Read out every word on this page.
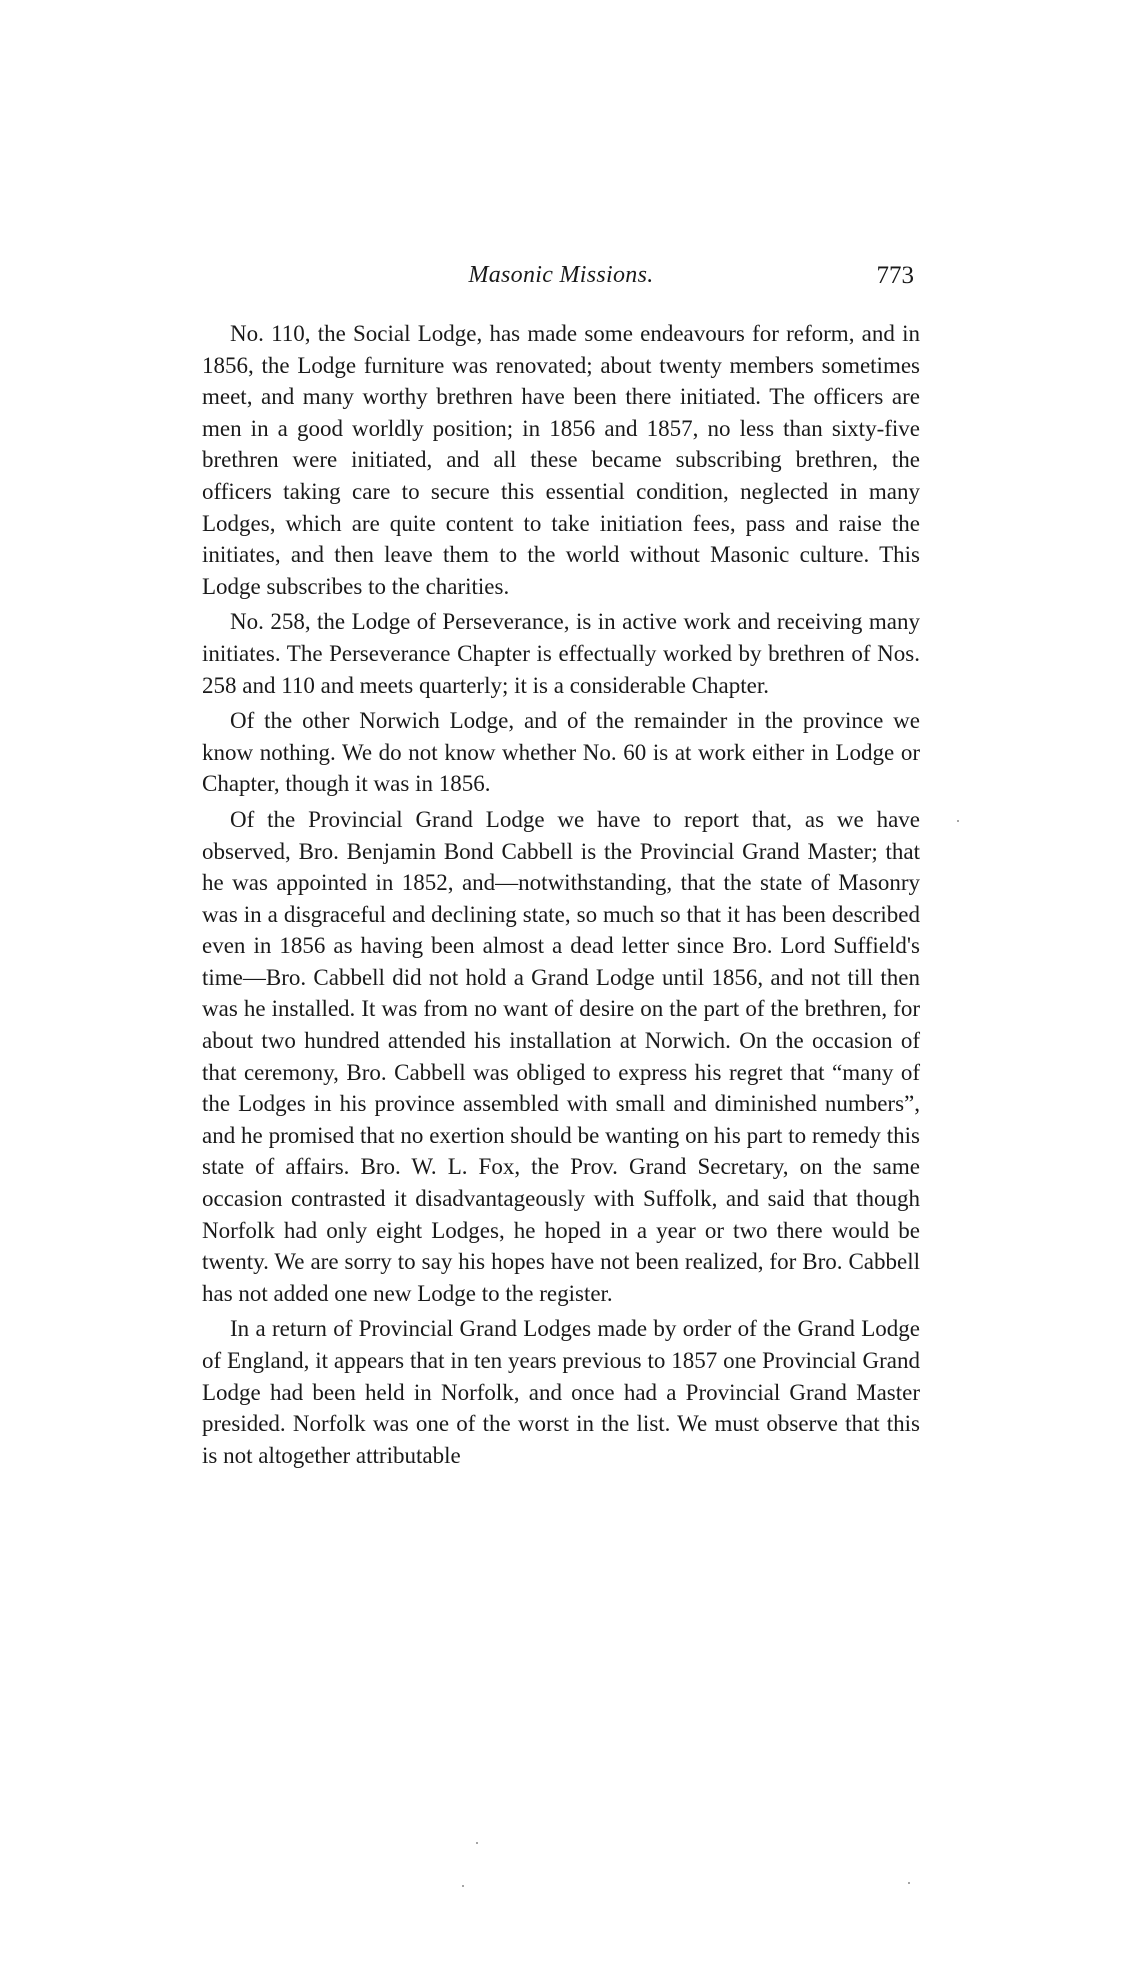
Masonic Missions.	773

No. 110, the Social Lodge, has made some endeavours for reform, and in 1856, the Lodge furniture was renovated; about twenty members sometimes meet, and many worthy brethren have been there initiated. The officers are men in a good worldly position; in 1856 and 1857, no less than sixty-five brethren were initiated, and all these became subscribing brethren, the officers taking care to secure this essential condition, neglected in many Lodges, which are quite content to take initiation fees, pass and raise the initiates, and then leave them to the world without Masonic culture. This Lodge subscribes to the charities.

No. 258, the Lodge of Perseverance, is in active work and receiving many initiates. The Perseverance Chapter is effectually worked by brethren of Nos. 258 and 110 and meets quarterly; it is a considerable Chapter.

Of the other Norwich Lodge, and of the remainder in the province we know nothing. We do not know whether No. 60 is at work either in Lodge or Chapter, though it was in 1856.

Of the Provincial Grand Lodge we have to report that, as we have observed, Bro. Benjamin Bond Cabbell is the Provincial Grand Master; that he was appointed in 1852, and—notwithstanding, that the state of Masonry was in a disgraceful and declining state, so much so that it has been described even in 1856 as having been almost a dead letter since Bro. Lord Suffield's time—Bro. Cabbell did not hold a Grand Lodge until 1856, and not till then was he installed. It was from no want of desire on the part of the brethren, for about two hundred attended his installation at Norwich. On the occasion of that ceremony, Bro. Cabbell was obliged to express his regret that “many of the Lodges in his province assembled with small and diminished numbers”, and he promised that no exertion should be wanting on his part to remedy this state of affairs. Bro. W. L. Fox, the Prov. Grand Secretary, on the same occasion contrasted it disadvantageously with Suffolk, and said that though Norfolk had only eight Lodges, he hoped in a year or two there would be twenty. We are sorry to say his hopes have not been realized, for Bro. Cabbell has not added one new Lodge to the register.

In a return of Provincial Grand Lodges made by order of the Grand Lodge of England, it appears that in ten years previous to 1857 one Provincial Grand Lodge had been held in Norfolk, and once had a Provincial Grand Master presided. Norfolk was one of the worst in the list. We must observe that this is not altogether attributable
